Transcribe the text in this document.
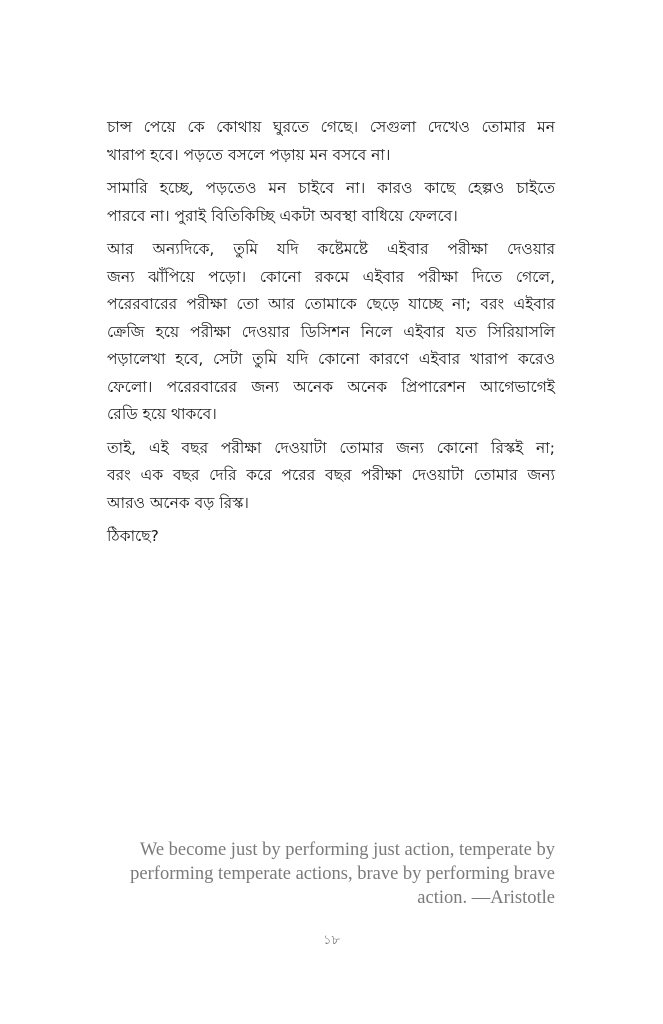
চান্স পেয়ে কে কোথায় ঘুরতে গেছে। সেগুলা দেখেও তোমার মন
খারাপ হবে। পড়তে বসলে পড়ায় মন বসবে না।

সামারি হচ্ছে, পড়তেও মন চাইবে না। কারও কাছে হেল্পও চাইতে
পারবে না। পুরাই বিতিকিচ্ছি একটা অবস্থা বাধিয়ে ফেলবে।

আর অন্যদিকে, তুমি যদি কষ্টেমষ্টে এইবার পরীক্ষা দেওয়ার
জন্য ঝাঁপিয়ে পড়ো। কোনো রকমে এইবার পরীক্ষা দিতে গেলে,
পরেরবারের পরীক্ষা তো আর তোমাকে ছেড়ে যাচ্ছে না; বরং এইবার
ক্রেজি হয়ে পরীক্ষা দেওয়ার ডিসিশন নিলে এইবার যত সিরিয়াসলি
পড়ালেখা হবে, সেটা তুমি যদি কোনো কারণে এইবার খারাপ করেও
ফেলো। পরেরবারের জন্য অনেক অনেক প্রিপারেশন আগেভাগেই
রেডি হয়ে থাকবে।

তাই, এই বছর পরীক্ষা দেওয়াটা তোমার জন্য কোনো রিস্কই না;
বরং এক বছর দেরি করে পরের বছর পরীক্ষা দেওয়াটা তোমার জন্য
আরও অনেক বড় রিস্ক।

ঠিকাছে?

We become just by performing just action, temperate by
performing temperate actions, brave by performing brave
action. —Aristotle
১৮
